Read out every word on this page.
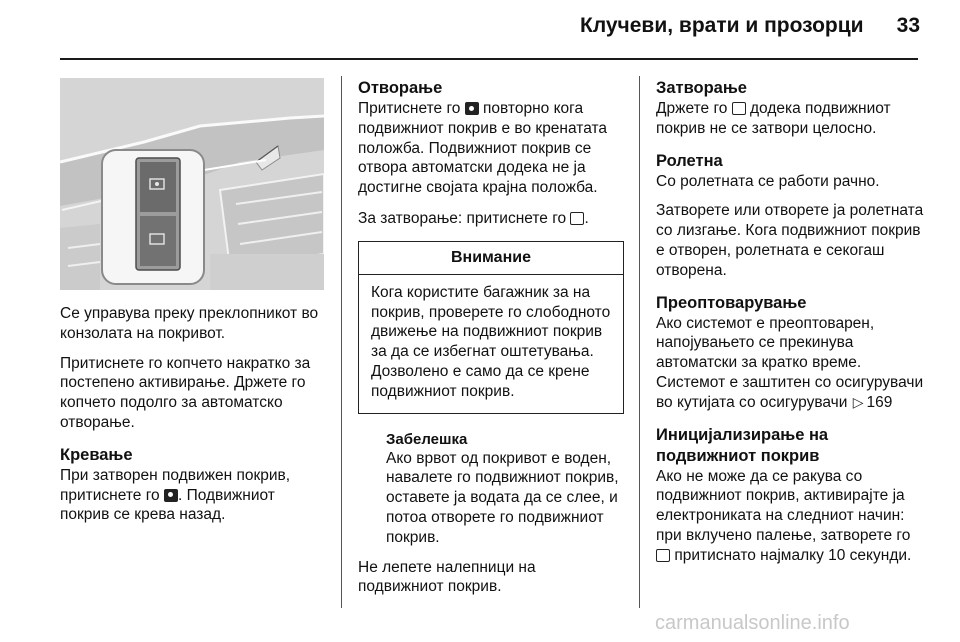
Клучеви, врати и прозорци	33

Се управува преку преклопникот во конзолата на покривот.

Притиснете го копчето накратко за постепено активирање. Држете го копчето подолго за автоматско отворање.

Кревање

При затворен подвижен покрив, притиснете го . Подвижниот покрив се крева назад.

Отворање

Притиснете го повторно кога подвижниот покрив е во кренатата положба. Подвижниот покрив се отвора автоматски додека не ја достигне својата крајна положба.

За затворање: притиснете го .

Внимание

Кога користите багажник за на покрив, проверете го слободното движење на подвижниот покрив за да се избегнат оштетувања.

Дозволено е само да се крене подвижниот покрив.

Забелешка

Ако врвот од покривот е воден, навалете го подвижниот покрив, оставете ја водата да се слее, и потоа отворете го подвижниот покрив.

Не лепете налепници на подвижниот покрив.

Затворање

Држете го додека подвижниот покрив не се затвори целосно.

Ролетна

Со ролетната се работи рачно.

Затворете или отворете ја ролетната со лизгање. Кога подвижниот покрив е отворен, ролетната е секогаш отворена.

Преоптоварување

Ако системот е преоптоварен, напојувањето се прекинува автоматски за кратко време. Системот е заштитен со осигурувачи во кутијата со осигурувачи ▷ 169

Иницијализирање на подвижниот покрив

Ако не може да се ракува со подвижниот покрив, активирајте ја електрониката на следниот начин: при вклучено палење, затворете го  притиснато најмалку 10 секунди.

carmanualsonline.info
